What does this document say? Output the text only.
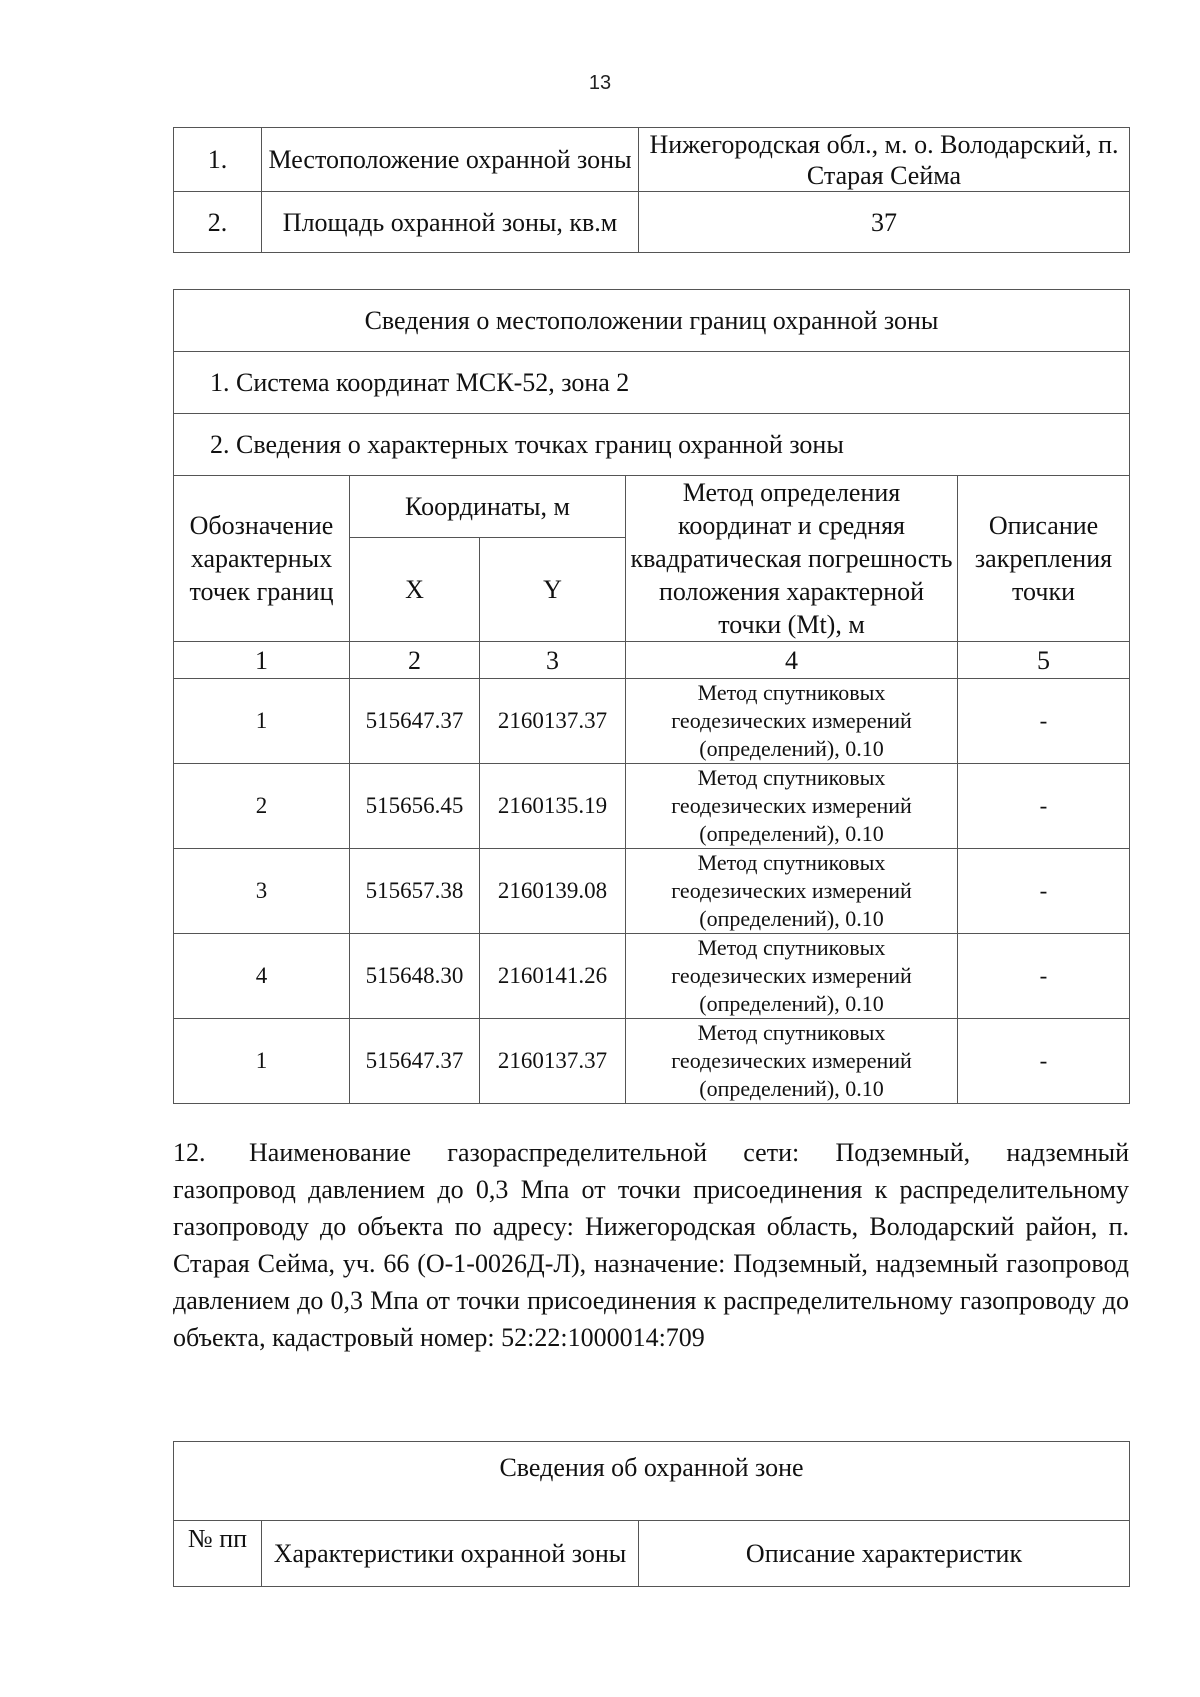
13
1.	Местоположение охранной зоны	Нижегородская обл., м. о. Володарский, п. Старая Сейма
2.	Площадь охранной зоны, кв.м	37
Сведения о местоположении границ охранной зоны				
1. Система координат МСК-52, зона 2				
2. Сведения о характерных точках границ охранной зоны				
Обозначение характерных точек границ	Координаты, м		Метод определения координат и средняя квадратическая погрешность положения характерной точки (Mt), м	Описание закрепления точки
	X	Y		
1	2	3	4	5
1	515647.37	2160137.37	Метод спутниковых геодезических измерений (определений), 0.10	-
2	515656.45	2160135.19	Метод спутниковых геодезических измерений (определений), 0.10	-
3	515657.38	2160139.08	Метод спутниковых геодезических измерений (определений), 0.10	-
4	515648.30	2160141.26	Метод спутниковых геодезических измерений (определений), 0.10	-
1	515647.37	2160137.37	Метод спутниковых геодезических измерений (определений), 0.10	-

12. Наименование газораспределительной сети: Подземный, надземный газопровод давлением до 0,3 Мпа от точки присоединения к распределительному газопроводу до объекта по адресу: Нижегородская область, Володарский район, п. Старая Сейма, уч. 66 (О-1-0026Д-Л), назначение: Подземный, надземный газопровод давлением до 0,3 Мпа от точки присоединения к распределительному газопроводу до объекта, кадастровый номер: 52:22:1000014:709

Сведения об охранной зоне
№ пп	Характеристики охранной зоны	Описание характеристик
